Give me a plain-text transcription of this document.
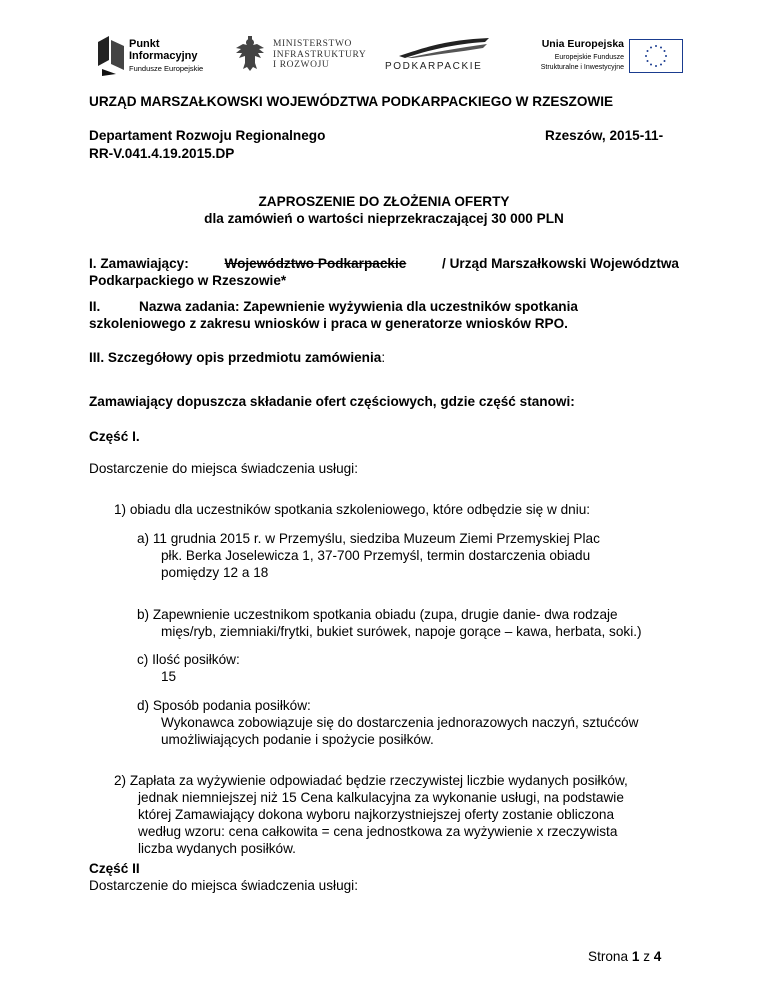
Punkt
Informacyjny
Fundusze Europejskie
MINISTERSTWO
INFRASTRUKTURY
I ROZWOJU	PODKARPACKIE
Unia Europejska
Europejskie Fundusze
Strukturalne i Inwestycyjne
URZĄD MARSZAŁKOWSKI WOJEWÓDZTWA PODKARPACKIEGO W RZESZOWIE
Departament Rozwoju Regionalnego	Rzeszów, 2015-11-
RR-V.041.4.19.2015.DP
ZAPROSZENIE DO ZŁOŻENIA OFERTY
dla zamówień o wartości nieprzekraczającej 30 000 PLN
I. Zamawiający:	Województwo Podkarpackie	/ Urząd Marszałkowski Województwa
Podkarpackiego w Rzeszowie*
II.	Nazwa zadania: Zapewnienie wyżywienia dla uczestników spotkania
szkoleniowego z zakresu wniosków i praca w generatorze wniosków RPO.
III. Szczegółowy opis przedmiotu zamówienia:
Zamawiający dopuszcza składanie ofert częściowych, gdzie część stanowi:
Część I.
Dostarczenie do miejsca świadczenia usługi:
1) obiadu dla uczestników spotkania szkoleniowego, które odbędzie się w dniu:
a) 11 grudnia 2015 r. w Przemyślu, siedziba Muzeum Ziemi Przemyskiej Plac
płk. Berka Joselewicza 1, 37-700 Przemyśl, termin dostarczenia obiadu
pomiędzy 12 a 18
b) Zapewnienie uczestnikom spotkania obiadu (zupa, drugie danie- dwa rodzaje
mięs/ryb, ziemniaki/frytki, bukiet surówek, napoje gorące – kawa, herbata, soki.)
c) Ilość posiłków:
15
d) Sposób podania posiłków:
Wykonawca zobowiązuje się do dostarczenia jednorazowych naczyń, sztućców
umożliwiających podanie i spożycie posiłków.
2) Zapłata za wyżywienie odpowiadać będzie rzeczywistej liczbie wydanych posiłków,
jednak niemniejszej niż 15 Cena kalkulacyjna za wykonanie usługi, na podstawie
której Zamawiający dokona wyboru najkorzystniejszej oferty zostanie obliczona
według wzoru: cena całkowita = cena jednostkowa za wyżywienie x rzeczywista
liczba wydanych posiłków.
Część II
Dostarczenie do miejsca świadczenia usługi:
Strona 1 z 4
